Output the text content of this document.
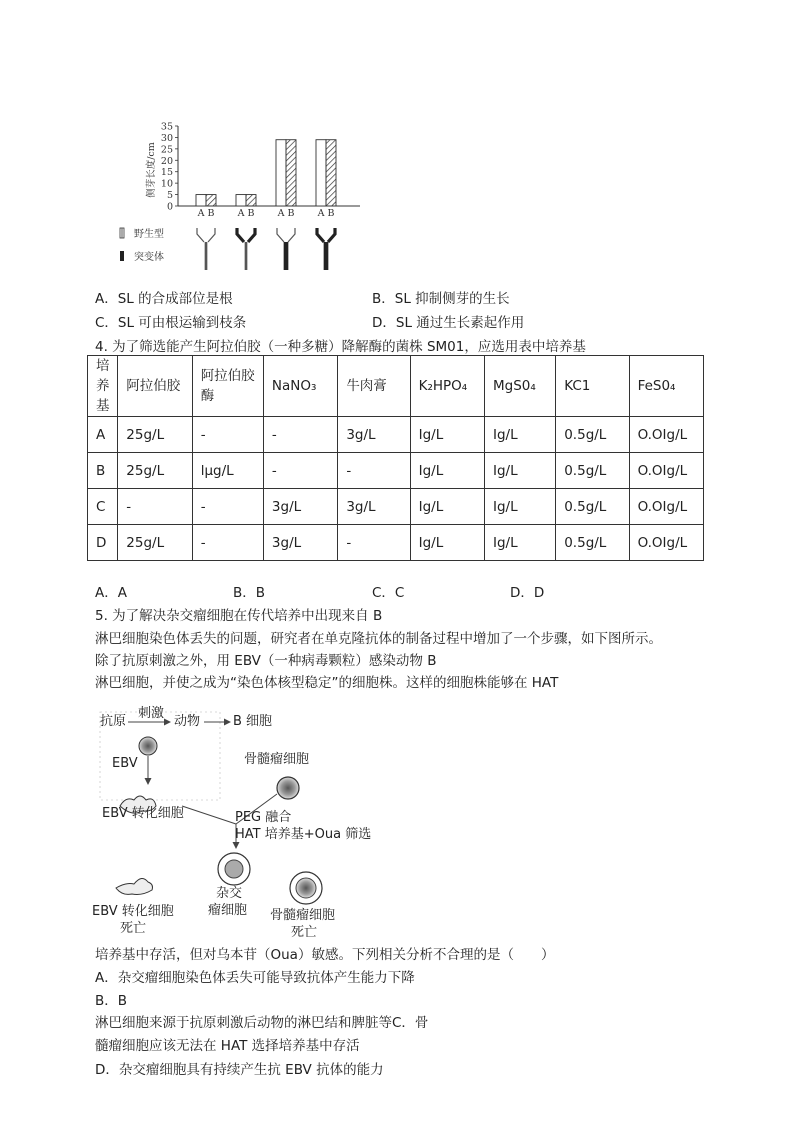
0
5
10
15
20
25
30
35
A B A B A B A B
侧芽长度/cm
野生型
突变体
A．SL 的合成部位是根	B．SL 抑制侧芽的生长
C．SL 可由根运输到枝条	D．SL 通过生长素起作用
4. 为了筛选能产生阿拉伯胶（一种多糖）降解酶的菌株 SM01，应选用表中培养基
培养基	阿拉伯胶	阿拉伯胶酶	NaNO₃	牛肉膏	K₂HPO₄	MgS0₄	KC1	FeS0₄
A	25g/L	-	-	3g/L	Ig/L	Ig/L	0.5g/L	O.OIg/L
B	25g/L	lμg/L	-	-	Ig/L	Ig/L	0.5g/L	O.OIg/L
C	-	-	3g/L	3g/L	Ig/L	Ig/L	0.5g/L	O.OIg/L
D	25g/L	-	3g/L	-	Ig/L	Ig/L	0.5g/L	O.OIg/L
A．A	B．B	C．C	D．D
5. 为了解决杂交瘤细胞在传代培养中出现来自 B
淋巴细胞染色体丢失的问题，研究者在单克隆抗体的制备过程中增加了一个步骤，如下图所示。
除了抗原刺激之外，用 EBV（一种病毒颗粒）感染动物 B
淋巴细胞，并使之成为“染色体核型稳定”的细胞株。这样的细胞株能够在 HAT
抗原
刺激
动物	B 细胞
EBV	骨髓瘤细胞
EBV 转化细胞	PEG 融合
HAT 培养基+Oua 筛选
EBV 转化细胞
死亡
杂交
瘤细胞 骨髓瘤细胞
死亡
培养基中存活，但对乌本苷（Oua）敏感。下列相关分析不合理的是（　　）
A．杂交瘤细胞染色体丢失可能导致抗体产生能力下降
B．B
淋巴细胞来源于抗原刺激后动物的淋巴结和脾脏等C．骨
髓瘤细胞应该无法在 HAT 选择培养基中存活
D．杂交瘤细胞具有持续产生抗 EBV 抗体的能力
